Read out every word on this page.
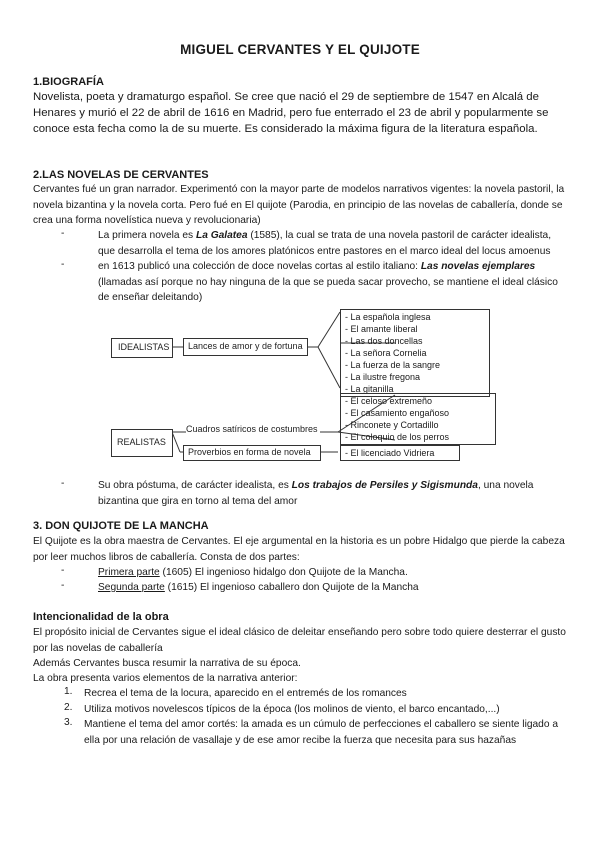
MIGUEL CERVANTES Y EL QUIJOTE
1.BIOGRAFÍA

Novelista, poeta y dramaturgo español. Se cree que nació el 29 de septiembre de 1547 en Alcalá de Henares y murió el 22 de abril de 1616 en Madrid, pero fue enterrado el 23 de abril y popularmente se conoce esta fecha como la de su muerte. Es considerado la máxima figura de la literatura española.

2.LAS NOVELAS DE CERVANTES

Cervantes fué un gran narrador. Experimentó con la mayor parte de modelos narrativos vigentes: la novela pastoril, la novela bizantina y la novela corta. Pero fué en El quijote (Parodia, en principio de las novelas de caballería, donde se crea una forma novelística nueva y revolucionaria)

-	La primera novela es La Galatea (1585), la cual se trata de una novela pastoril de carácter idealista, que desarrolla el tema de los amores platónicos entre pastores en el marco ideal del locus amoenus

-	en 1613 publicó una colección de doce novelas cortas al estilo italiano: Las novelas ejemplares (llamadas así porque no hay ninguna de la que se pueda sacar provecho, se mantiene el ideal clásico de enseñar deleitando)

IDEALISTAS Lances de amor y de fortuna
- La española inglesa
- El amante liberal
- Las dos doncellas
- La señora Cornelia
- La fuerza de la sangre
- La ilustre fregona
- La gitanilla
REALISTAS
Cuadros satíricos de costumbres
Proverbios en forma de novela
- El celoso extremeño
- El casamiento engañoso
- Rinconete y Cortadillo
- El coloquio de los perros
- El licenciado Vidriera
-	Su obra póstuma, de carácter idealista, es Los trabajos de Persiles y Sigismunda, una novela bizantina que gira en torno al tema del amor

3. DON QUIJOTE DE LA MANCHA

El Quijote es la obra maestra de Cervantes. El eje argumental en la historia es un pobre Hidalgo que pierde la cabeza por leer muchos libros de caballería. Consta de dos partes:

-	Primera parte (1605) El ingenioso hidalgo don Quijote de la Mancha.

-	Segunda parte (1615) El ingenioso caballero don Quijote de la Mancha

Intencionalidad de la obra

El propósito inicial de Cervantes sigue el ideal clásico de deleitar enseñando pero sobre todo quiere desterrar el gusto por las novelas de caballería

Además Cervantes busca resumir la narrativa de su época.

La obra presenta varios elementos de la narrativa anterior:

1. Recrea el tema de la locura, aparecido en el entremés de los romances

2. Utiliza motivos novelescos típicos de la época (los molinos de viento, el barco encantado,...)

3. Mantiene el tema del amor cortés: la amada es un cúmulo de perfecciones el caballero se siente ligado a ella por una relación de vasallaje y de ese amor recibe la fuerza que necesita para sus hazañas
